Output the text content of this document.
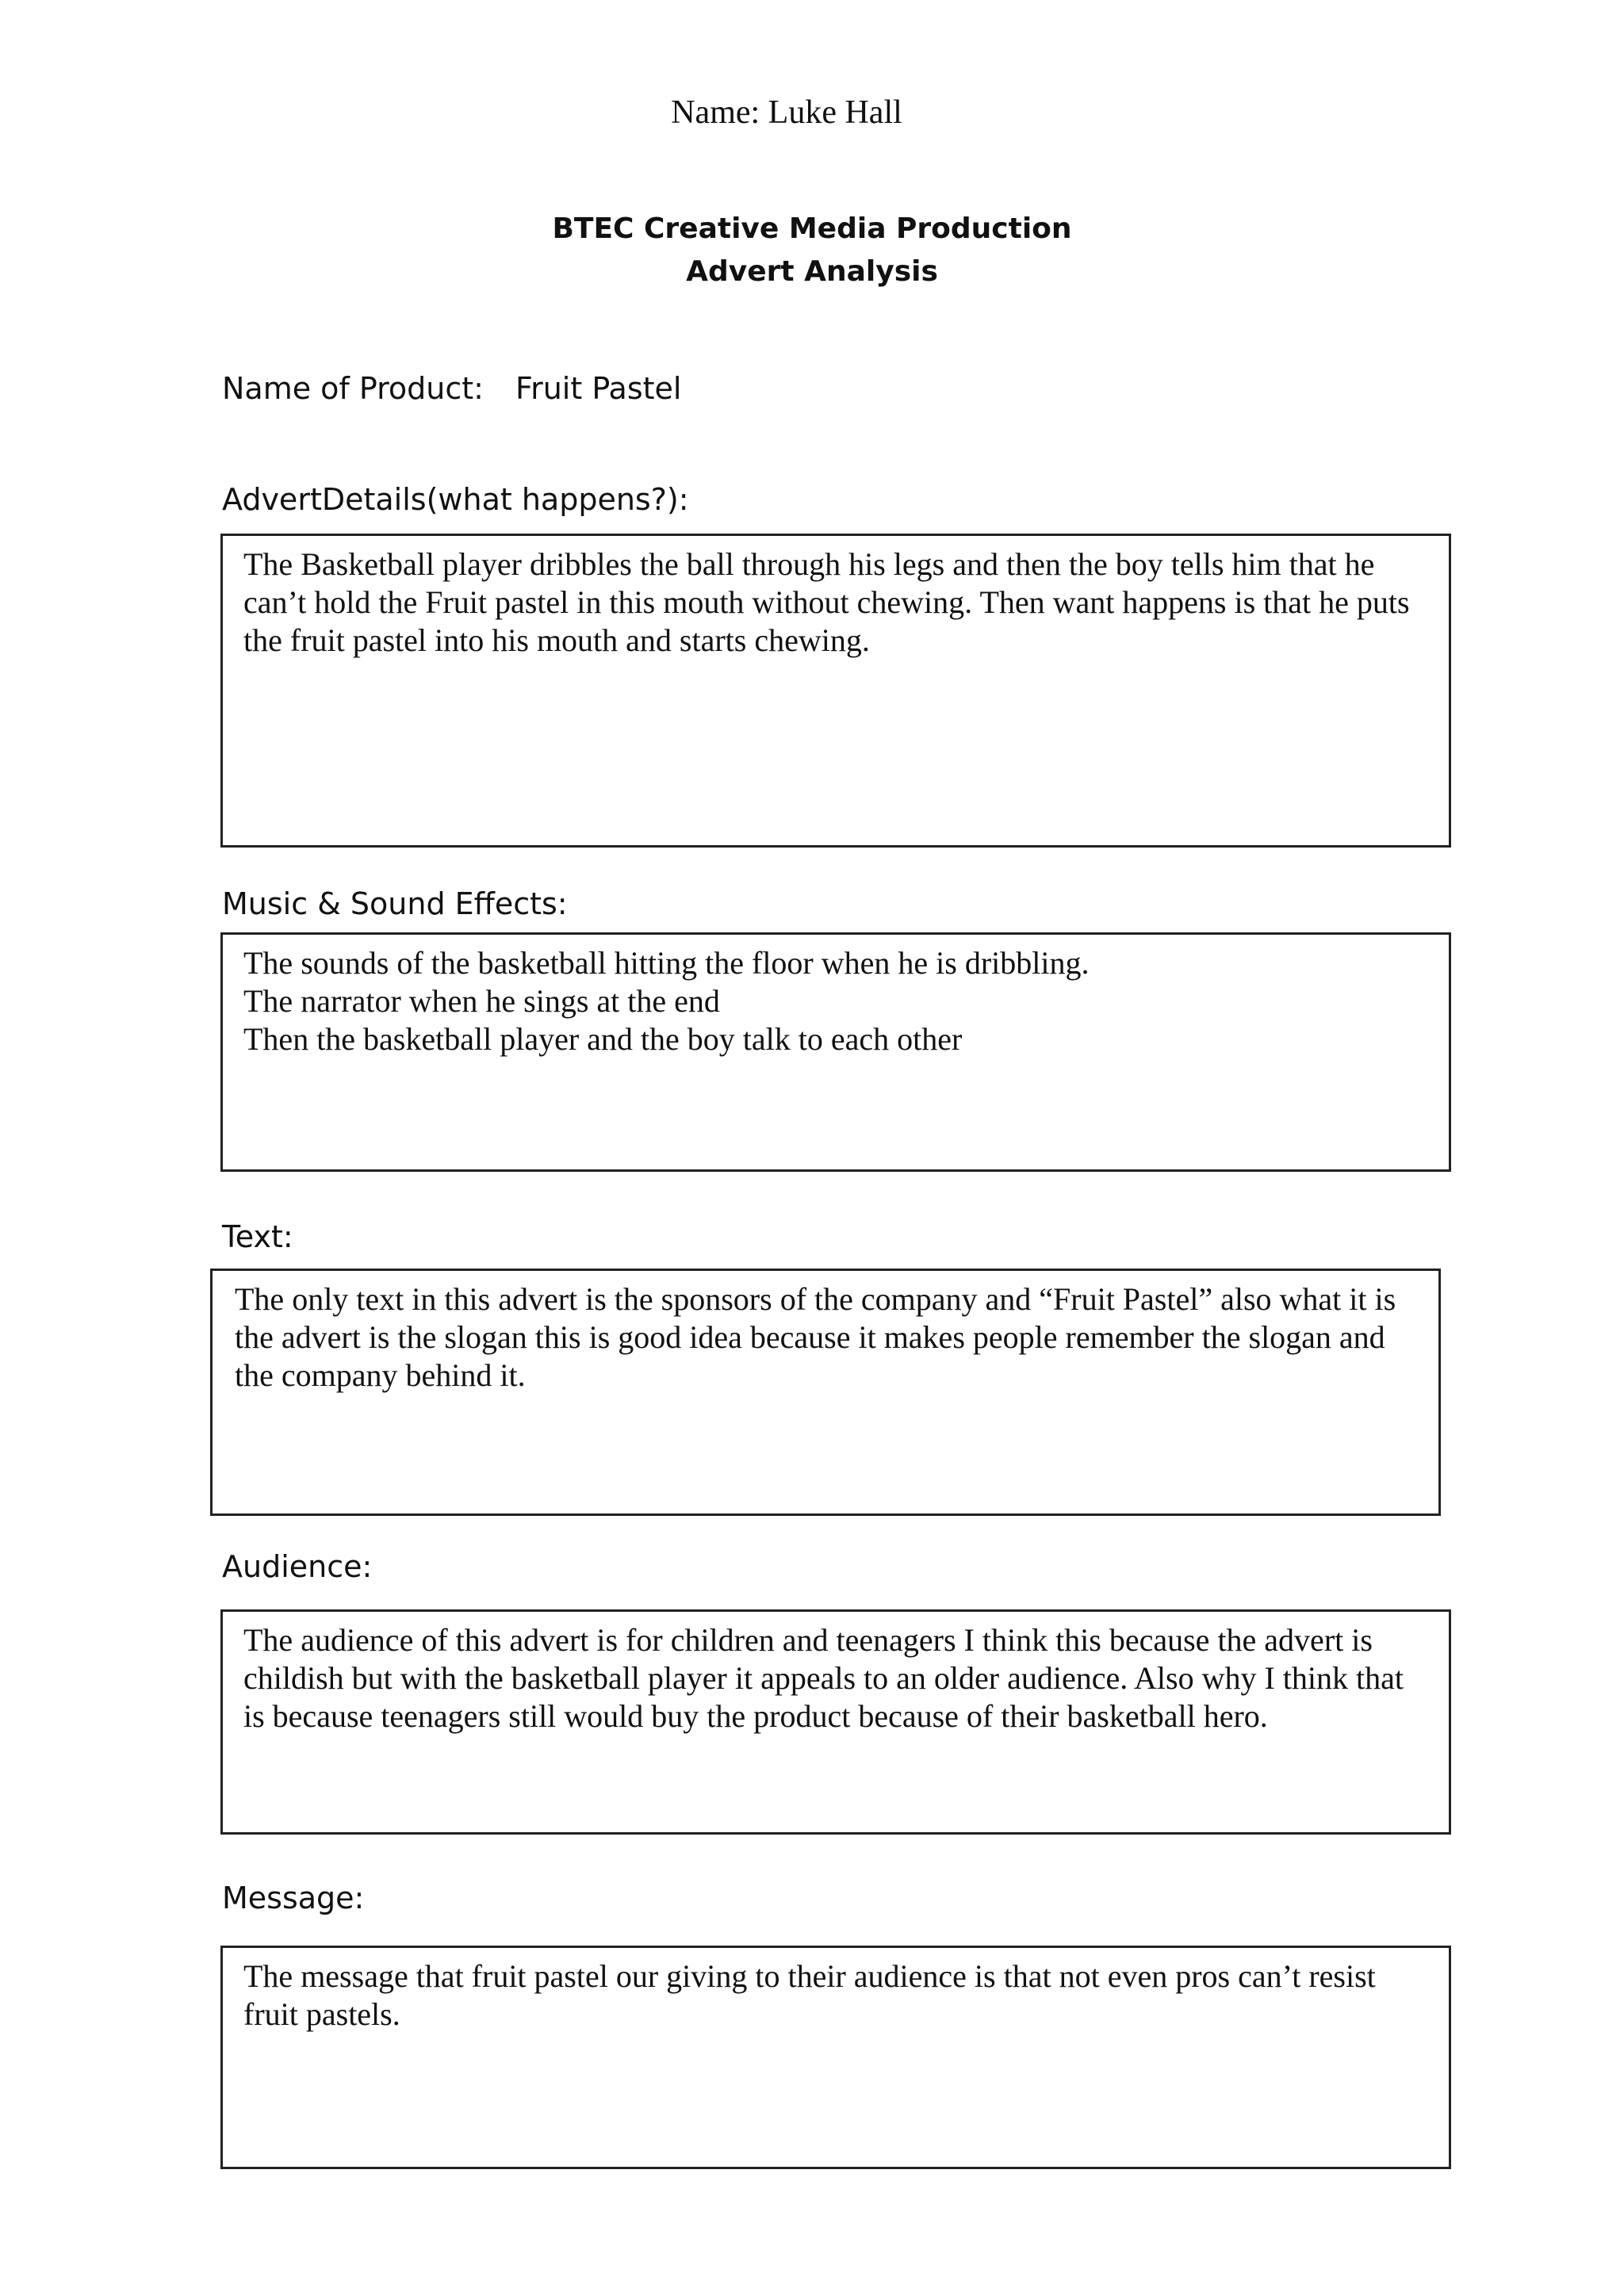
Name: Luke Hall
BTEC Creative Media Production
Advert Analysis
Name of Product: Fruit Pastel
AdvertDetails(what happens?):
The Basketball player dribbles the ball through his legs and then the boy tells him that he can’t hold the Fruit pastel in this mouth without chewing. Then want happens is that he puts the fruit pastel into his mouth and starts chewing.
Music & Sound Effects:
The sounds of the basketball hitting the floor when he is dribbling.
The narrator when he sings at the end
Then the basketball player and the boy talk to each other
Text:
The only text in this advert is the sponsors of the company and “Fruit Pastel” also what it is the advert is the slogan this is good idea because it makes people remember the slogan and the company behind it.
Audience:
The audience of this advert is for children and teenagers I think this because the advert is childish but with the basketball player it appeals to an older audience. Also why I think that is because teenagers still would buy the product because of their basketball hero.
Message:
The message that fruit pastel our giving to their audience is that not even pros can’t resist fruit pastels.
